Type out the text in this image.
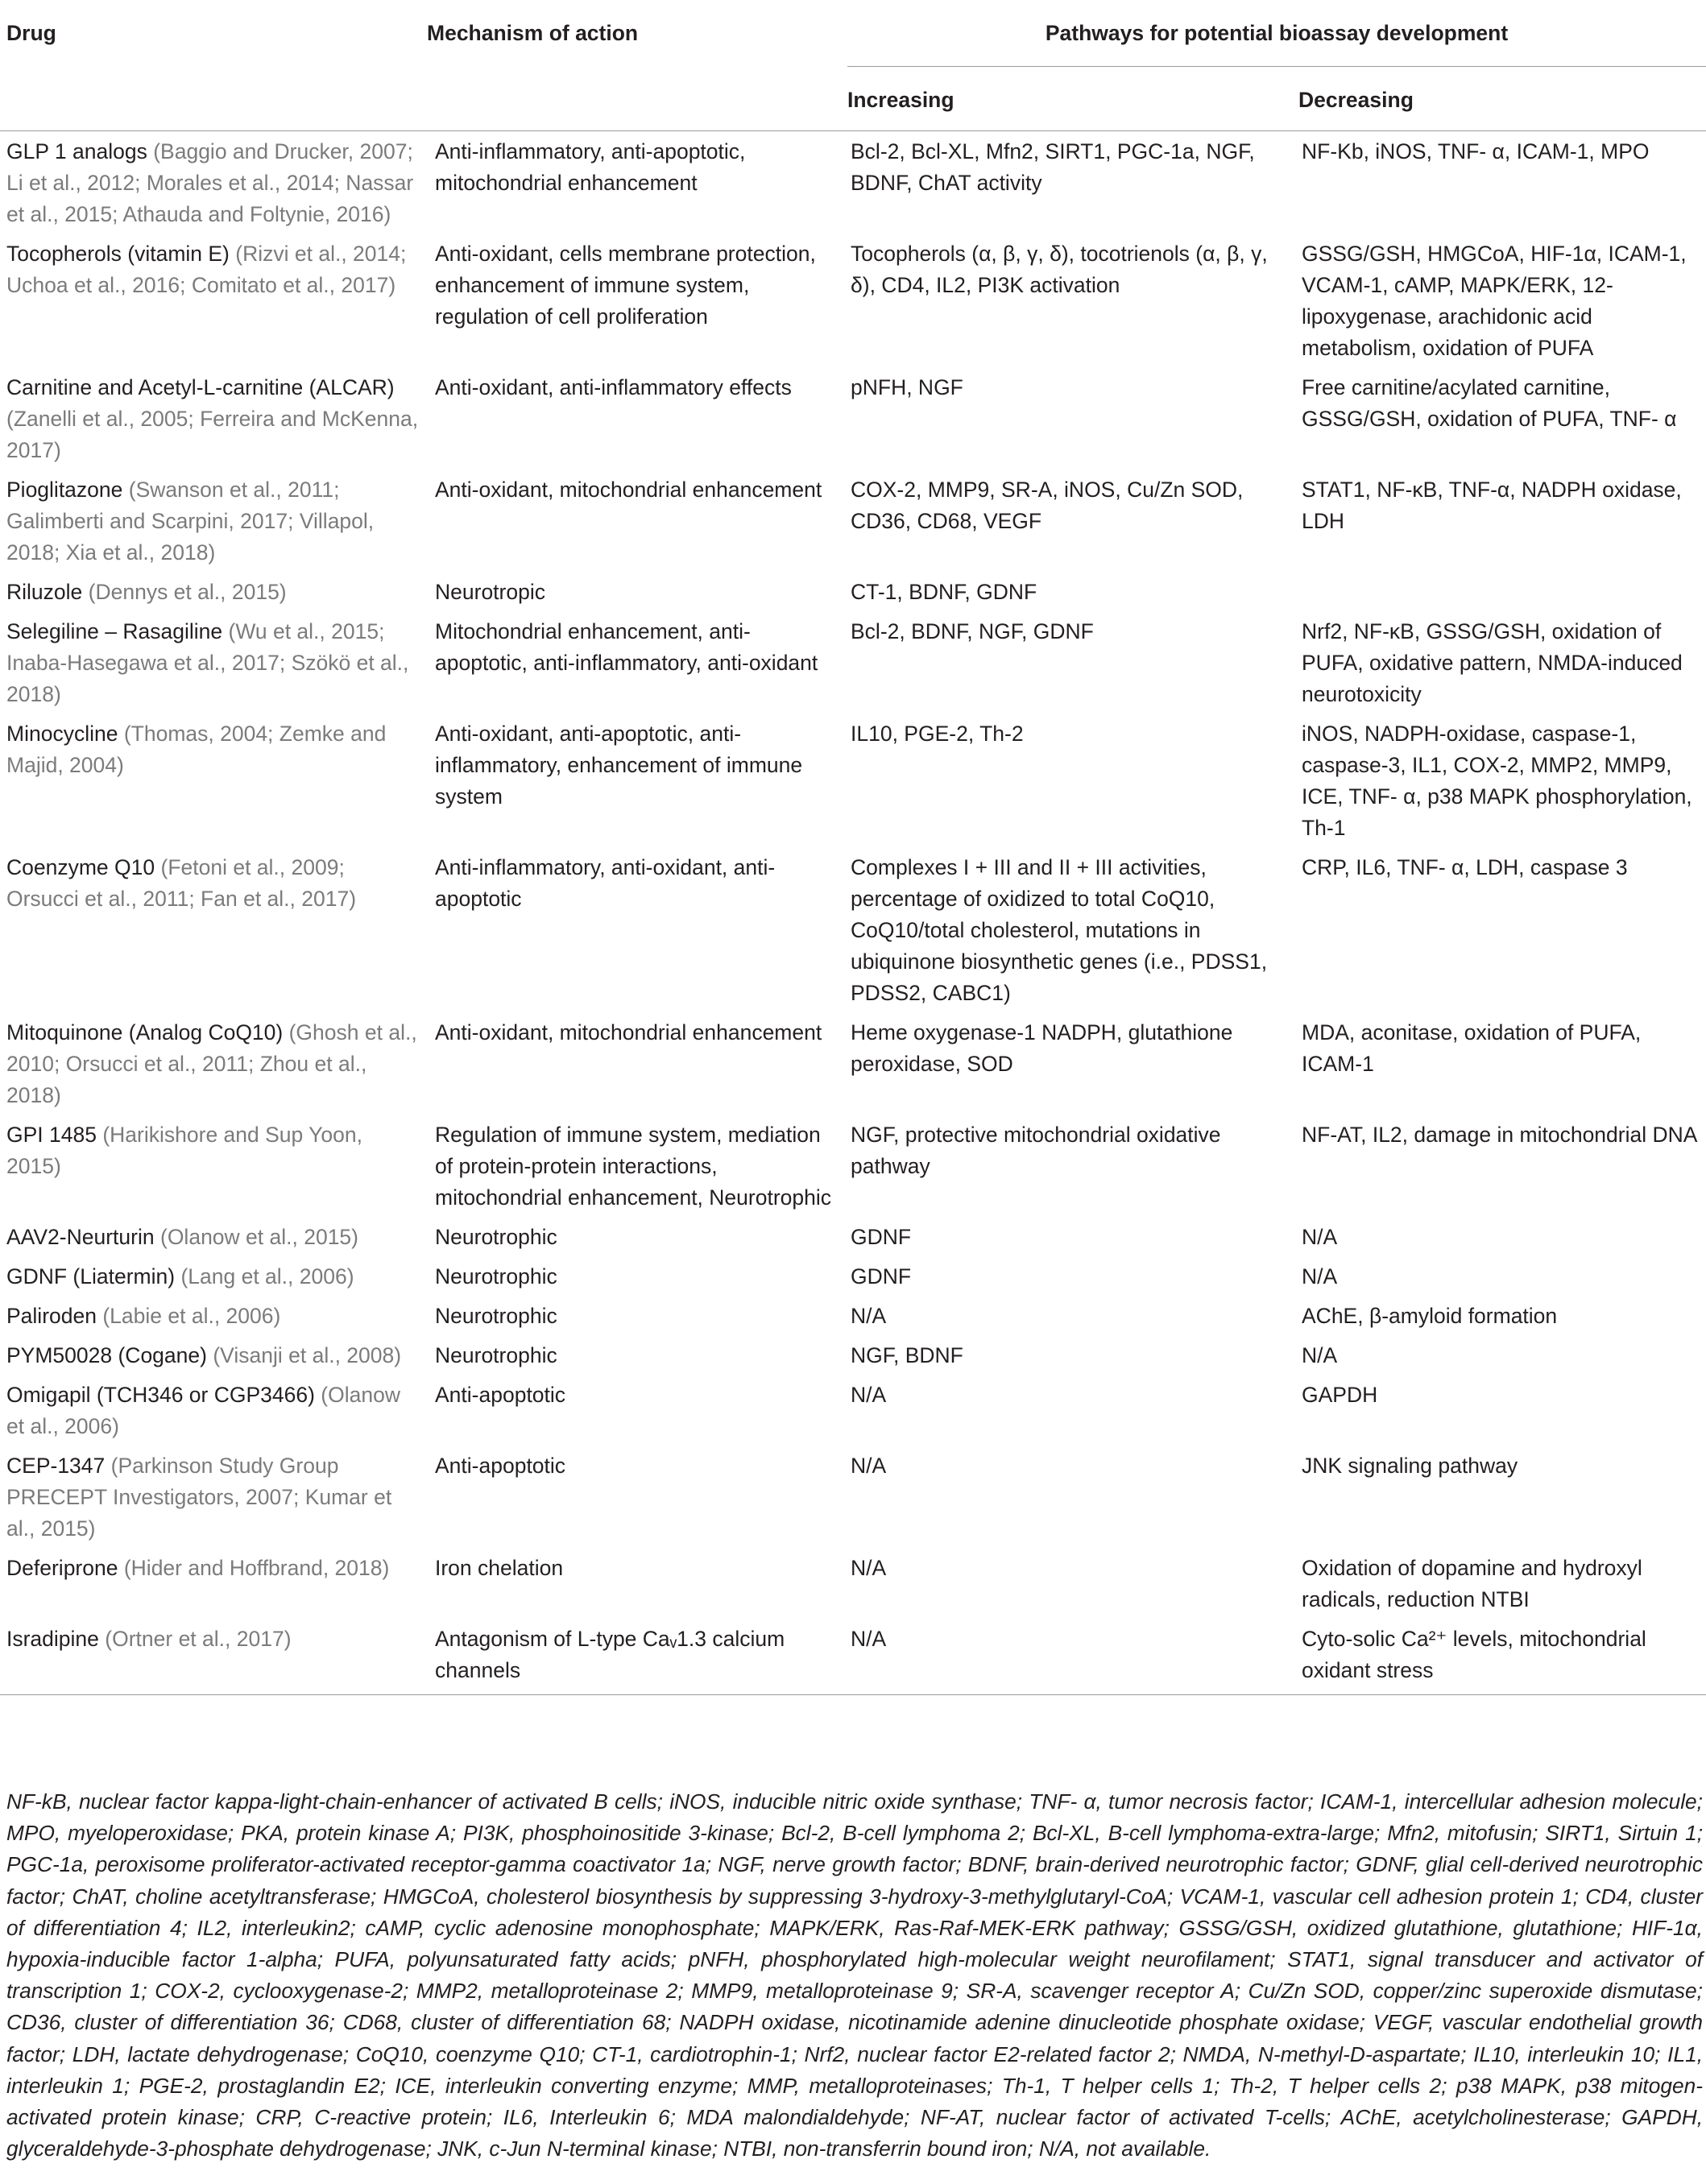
Drug	Mechanism of action	Pathways for potential bioassay development	
		Increasing	Decreasing
GLP 1 analogs (Baggio and Drucker, 2007; Li et al., 2012; Morales et al., 2014; Nassar et al., 2015; Athauda and Foltynie, 2016)	Anti-inflammatory, anti-apoptotic, mitochondrial enhancement	Bcl-2, Bcl-XL, Mfn2, SIRT1, PGC-1a, NGF, BDNF, ChAT activity	NF-Kb, iNOS, TNF- α, ICAM-1, MPO
Tocopherols (vitamin E) (Rizvi et al., 2014; Uchoa et al., 2016; Comitato et al., 2017)	Anti-oxidant, cells membrane protection, enhancement of immune system, regulation of cell proliferation	Tocopherols (α, β, γ, δ), tocotrienols (α, β, γ, δ), CD4, IL2, PI3K activation	GSSG/GSH, HMGCoA, HIF-1α, ICAM-1, VCAM-1, cAMP, MAPK/ERK, 12-lipoxygenase, arachidonic acid metabolism, oxidation of PUFA
Carnitine and Acetyl-L-carnitine (ALCAR) (Zanelli et al., 2005; Ferreira and McKenna, 2017)	Anti-oxidant, anti-inflammatory effects	pNFH, NGF	Free carnitine/acylated carnitine, GSSG/GSH, oxidation of PUFA, TNF- α
Pioglitazone (Swanson et al., 2011; Galimberti and Scarpini, 2017; Villapol, 2018; Xia et al., 2018)	Anti-oxidant, mitochondrial enhancement	COX-2, MMP9, SR-A, iNOS, Cu/Zn SOD, CD36, CD68, VEGF	STAT1, NF-κB, TNF-α, NADPH oxidase, LDH
Riluzole (Dennys et al., 2015)	Neurotropic	CT-1, BDNF, GDNF	
Selegiline – Rasagiline (Wu et al., 2015; Inaba-Hasegawa et al., 2017; Szökö et al., 2018)	Mitochondrial enhancement, anti-apoptotic, anti-inflammatory, anti-oxidant	Bcl-2, BDNF, NGF, GDNF	Nrf2, NF-κB, GSSG/GSH, oxidation of PUFA, oxidative pattern, NMDA-induced neurotoxicity
Minocycline (Thomas, 2004; Zemke and Majid, 2004)	Anti-oxidant, anti-apoptotic, anti-inflammatory, enhancement of immune system	IL10, PGE-2, Th-2	iNOS, NADPH-oxidase, caspase-1, caspase-3, IL1, COX-2, MMP2, MMP9, ICE, TNF- α, p38 MAPK phosphorylation, Th-1
Coenzyme Q10 (Fetoni et al., 2009; Orsucci et al., 2011; Fan et al., 2017)	Anti-inflammatory, anti-oxidant, anti-apoptotic	Complexes I + III and II + III activities, percentage of oxidized to total CoQ10, CoQ10/total cholesterol, mutations in ubiquinone biosynthetic genes (i.e., PDSS1, PDSS2, CABC1)	CRP, IL6, TNF- α, LDH, caspase 3
Mitoquinone (Analog CoQ10) (Ghosh et al., 2010; Orsucci et al., 2011; Zhou et al., 2018)	Anti-oxidant, mitochondrial enhancement	Heme oxygenase-1 NADPH, glutathione peroxidase, SOD	MDA, aconitase, oxidation of PUFA, ICAM-1
GPI 1485 (Harikishore and Sup Yoon, 2015)	Regulation of immune system, mediation of protein-protein interactions, mitochondrial enhancement, Neurotrophic	NGF, protective mitochondrial oxidative pathway	NF-AT, IL2, damage in mitochondrial DNA
AAV2-Neurturin (Olanow et al., 2015)	Neurotrophic	GDNF	N/A
GDNF (Liatermin) (Lang et al., 2006)	Neurotrophic	GDNF	N/A
Paliroden (Labie et al., 2006)	Neurotrophic	N/A	AChE, β-amyloid formation
PYM50028 (Cogane) (Visanji et al., 2008)	Neurotrophic	NGF, BDNF	N/A
Omigapil (TCH346 or CGP3466) (Olanow et al., 2006)	Anti-apoptotic	N/A	GAPDH
CEP-1347 (Parkinson Study Group PRECEPT Investigators, 2007; Kumar et al., 2015)	Anti-apoptotic	N/A	JNK signaling pathway
Deferiprone (Hider and Hoffbrand, 2018)	Iron chelation	N/A	Oxidation of dopamine and hydroxyl radicals, reduction NTBI
Isradipine (Ortner et al., 2017)	Antagonism of L-type Caᵥ1.3 calcium channels	N/A	Cyto-solic Ca²⁺ levels, mitochondrial oxidant stress
NF-kB, nuclear factor kappa-light-chain-enhancer of activated B cells; iNOS, inducible nitric oxide synthase; TNF- α, tumor necrosis factor; ICAM-1, intercellular adhesion molecule; MPO, myeloperoxidase; PKA, protein kinase A; PI3K, phosphoinositide 3-kinase; Bcl-2, B-cell lymphoma 2; Bcl-XL, B-cell lymphoma-extra-large; Mfn2, mitofusin; SIRT1, Sirtuin 1; PGC-1a, peroxisome proliferator-activated receptor-gamma coactivator 1a; NGF, nerve growth factor; BDNF, brain-derived neurotrophic factor; GDNF, glial cell-derived neurotrophic factor; ChAT, choline acetyltransferase; HMGCoA, cholesterol biosynthesis by suppressing 3-hydroxy-3-methylglutaryl-CoA; VCAM-1, vascular cell adhesion protein 1; CD4, cluster of differentiation 4; IL2, interleukin2; cAMP, cyclic adenosine monophosphate; MAPK/ERK, Ras-Raf-MEK-ERK pathway; GSSG/GSH, oxidized glutathione, glutathione; HIF-1α, hypoxia-inducible factor 1-alpha; PUFA, polyunsaturated fatty acids; pNFH, phosphorylated high-molecular weight neurofilament; STAT1, signal transducer and activator of transcription 1; COX-2, cyclooxygenase-2; MMP2, metalloproteinase 2; MMP9, metalloproteinase 9; SR-A, scavenger receptor A; Cu/Zn SOD, copper/zinc superoxide dismutase; CD36, cluster of differentiation 36; CD68, cluster of differentiation 68; NADPH oxidase, nicotinamide adenine dinucleotide phosphate oxidase; VEGF, vascular endothelial growth factor; LDH, lactate dehydrogenase; CoQ10, coenzyme Q10; CT-1, cardiotrophin-1; Nrf2, nuclear factor E2-related factor 2; NMDA, N-methyl-D-aspartate; IL10, interleukin 10; IL1, interleukin 1; PGE-2, prostaglandin E2; ICE, interleukin converting enzyme; MMP, metalloproteinases; Th-1, T helper cells 1; Th-2, T helper cells 2; p38 MAPK, p38 mitogen-activated protein kinase; CRP, C-reactive protein; IL6, Interleukin 6; MDA malondialdehyde; NF-AT, nuclear factor of activated T-cells; AChE, acetylcholinesterase; GAPDH, glyceraldehyde-3-phosphate dehydrogenase; JNK, c-Jun N-terminal kinase; NTBI, non-transferrin bound iron; N/A, not available.
